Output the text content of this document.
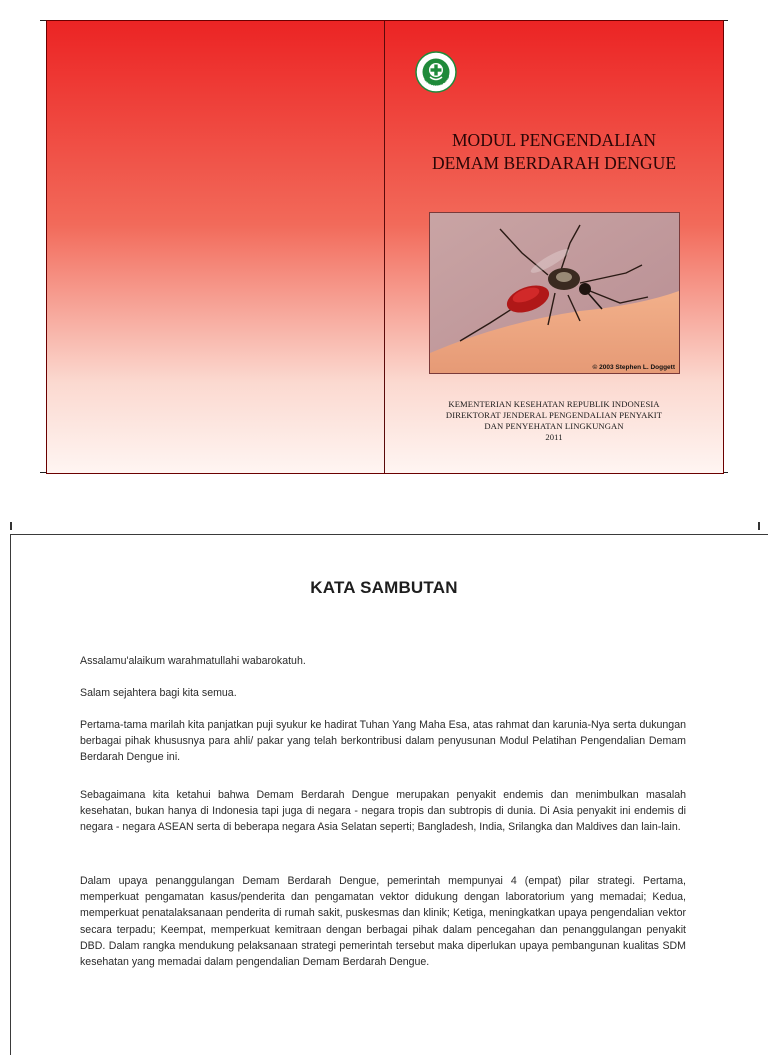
BAKTI HUSAD
MODUL PENGENDALIAN
DEMAM BERDARAH DENGUE
© 2003 Stephen L. Doggett
KEMENTERIAN KESEHATAN REPUBLIK INDONESIA
DIREKTORAT JENDERAL PENGENDALIAN PENYAKIT
DAN PENYEHATAN LINGKUNGAN
2011
KATA SAMBUTAN
Assalamu'alaikum warahmatullahi wabarokatuh.
Salam sejahtera bagi kita semua.
Pertama-tama marilah kita panjatkan puji syukur ke hadirat Tuhan Yang Maha Esa, atas rahmat dan karunia-Nya serta dukungan berbagai pihak khususnya para ahli/ pakar yang telah berkontribusi dalam penyusunan Modul Pelatihan Pengendalian Demam Berdarah Dengue ini.
Sebagaimana kita ketahui bahwa Demam Berdarah Dengue merupakan penyakit endemis dan menimbulkan masalah kesehatan, bukan hanya di Indonesia tapi juga di negara - negara tropis dan subtropis di dunia. Di Asia penyakit ini endemis di negara - negara ASEAN serta di beberapa negara Asia Selatan seperti; Bangladesh, India, Srilangka dan Maldives dan lain-lain.
Dalam upaya penanggulangan Demam Berdarah Dengue, pemerintah mempunyai 4 (empat) pilar strategi. Pertama, memperkuat pengamatan kasus/penderita dan pengamatan vektor didukung dengan laboratorium yang memadai; Kedua, memperkuat penatalaksanaan penderita di rumah sakit, puskesmas dan klinik; Ketiga, meningkatkan upaya pengendalian vektor secara terpadu; Keempat, memperkuat kemitraan dengan berbagai pihak dalam pencegahan dan penanggulangan penyakit DBD. Dalam rangka mendukung pelaksanaan strategi pemerintah tersebut maka diperlukan upaya pembangunan kualitas SDM kesehatan yang memadai dalam pengendalian Demam Berdarah Dengue.
